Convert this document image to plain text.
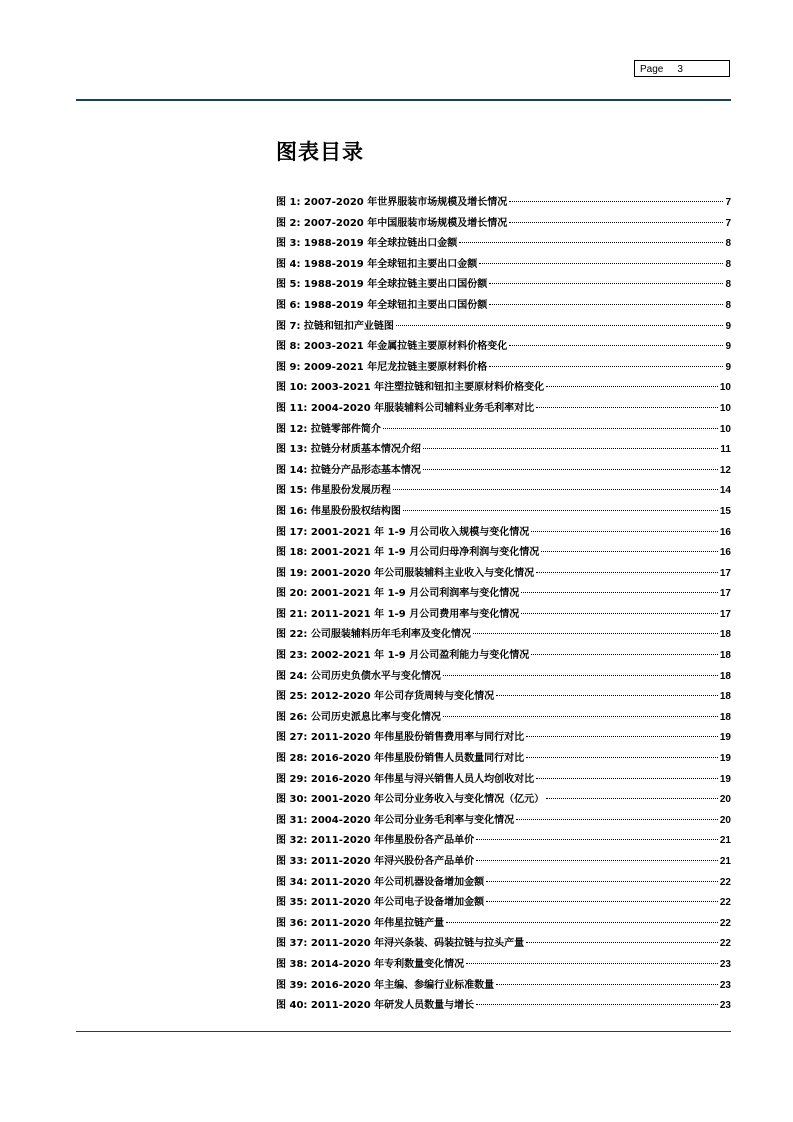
Page 3
图表目录
图 1: 2007-2020 年世界服装市场规模及增长情况	7
图 2: 2007-2020 年中国服装市场规模及增长情况	7
图 3: 1988-2019 年全球拉链出口金额	8
图 4: 1988-2019 年全球钮扣主要出口金额	8
图 5: 1988-2019 年全球拉链主要出口国份额	8
图 6: 1988-2019 年全球钮扣主要出口国份额	8
图 7: 拉链和钮扣产业链图	9
图 8: 2003-2021 年金属拉链主要原材料价格变化	9
图 9: 2009-2021 年尼龙拉链主要原材料价格	9
图 10: 2003-2021 年注塑拉链和钮扣主要原材料价格变化	10
图 11: 2004-2020 年服装辅料公司辅料业务毛利率对比	10
图 12: 拉链零部件简介	10
图 13: 拉链分材质基本情况介绍	11
图 14: 拉链分产品形态基本情况	12
图 15: 伟星股份发展历程	14
图 16: 伟星股份股权结构图	15
图 17: 2001-2021 年 1-9 月公司收入规模与变化情况	16
图 18: 2001-2021 年 1-9 月公司归母净利润与变化情况	16
图 19: 2001-2020 年公司服装辅料主业收入与变化情况	17
图 20: 2001-2021 年 1-9 月公司利润率与变化情况	17
图 21: 2011-2021 年 1-9 月公司费用率与变化情况	17
图 22: 公司服装辅料历年毛利率及变化情况	18
图 23: 2002-2021 年 1-9 月公司盈利能力与变化情况	18
图 24: 公司历史负债水平与变化情况	18
图 25: 2012-2020 年公司存货周转与变化情况	18
图 26: 公司历史派息比率与变化情况	18
图 27: 2011-2020 年伟星股份销售费用率与同行对比	19
图 28: 2016-2020 年伟星股份销售人员数量同行对比	19
图 29: 2016-2020 年伟星与浔兴销售人员人均创收对比	19
图 30: 2001-2020 年公司分业务收入与变化情况（亿元）	20
图 31: 2004-2020 年公司分业务毛利率与变化情况	20
图 32: 2011-2020 年伟星股份各产品单价	21
图 33: 2011-2020 年浔兴股份各产品单价	21
图 34: 2011-2020 年公司机器设备增加金额	22
图 35: 2011-2020 年公司电子设备增加金额	22
图 36: 2011-2020 年伟星拉链产量	22
图 37: 2011-2020 年浔兴条装、码装拉链与拉头产量	22
图 38: 2014-2020 年专利数量变化情况	23
图 39: 2016-2020 年主编、参编行业标准数量	23
图 40: 2011-2020 年研发人员数量与增长	23
